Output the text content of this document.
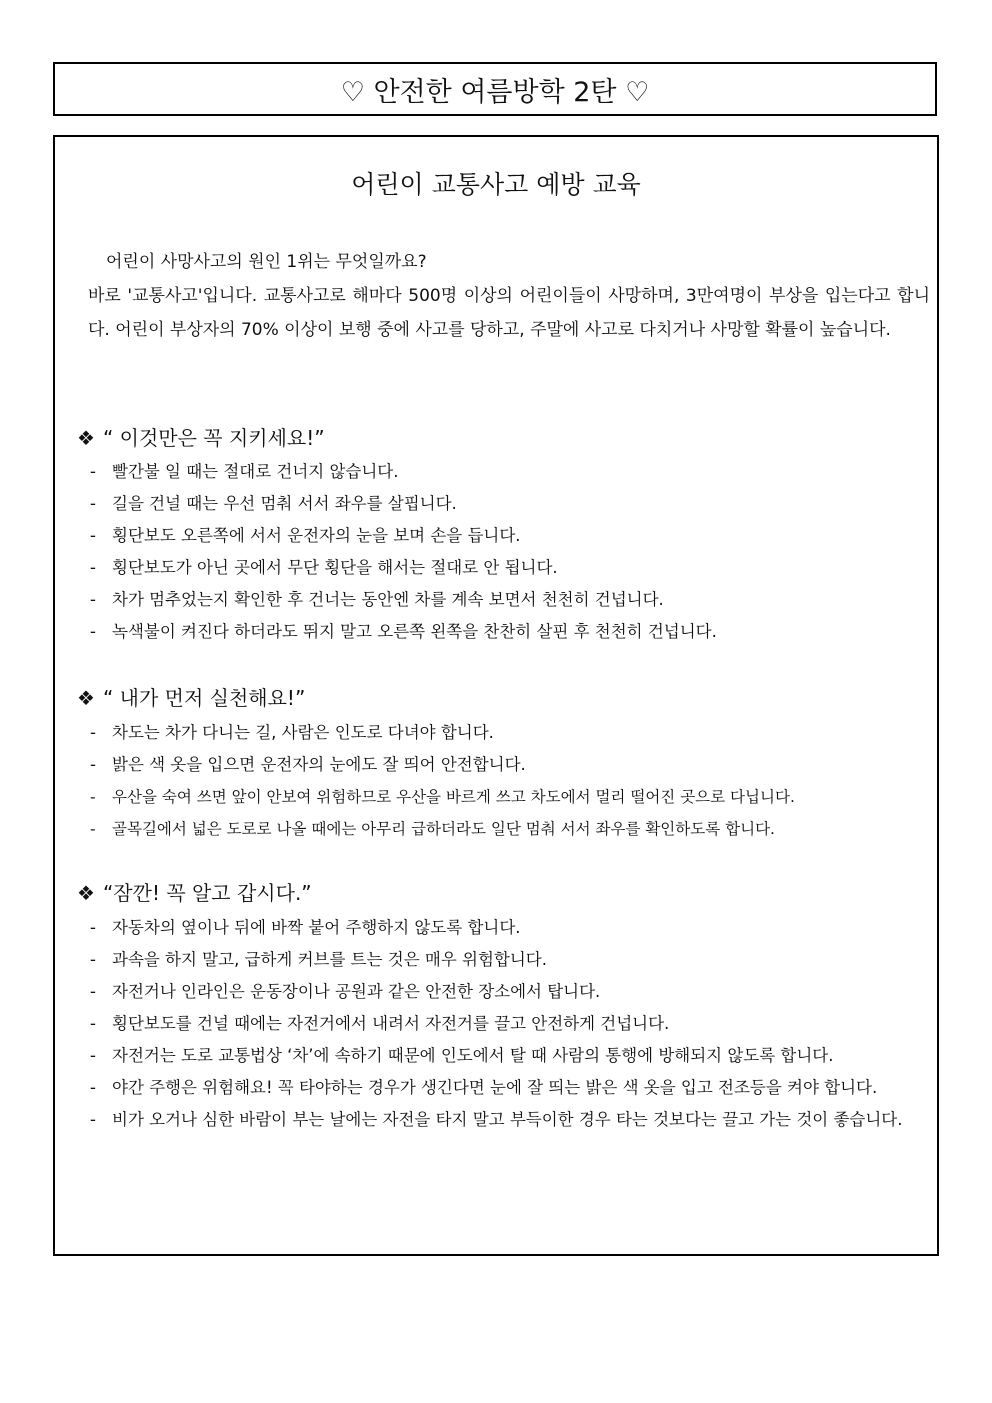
♡ 안전한 여름방학 2탄 ♡
어린이 교통사고 예방 교육

어린이 사망사고의 원인 1위는 무엇일까요?

바로 '교통사고'입니다. 교통사고로 해마다 500명 이상의 어린이들이 사망하며, 3만여명이 부상을 입는다고 합니다. 어린이 부상자의 70% 이상이 보행 중에 사고를 당하고, 주말에 사고로 다치거나 사망할 확률이 높습니다.

❖ “ 이것만은 꼭 지키세요!”
- 빨간불 일 때는 절대로 건너지 않습니다.
- 길을 건널 때는 우선 멈춰 서서 좌우를 살핍니다.
- 횡단보도 오른쪽에 서서 운전자의 눈을 보며 손을 듭니다.
- 횡단보도가 아닌 곳에서 무단 횡단을 해서는 절대로 안 됩니다.
- 차가 멈추었는지 확인한 후 건너는 동안엔 차를 계속 보면서 천천히 건넙니다.
- 녹색불이 켜진다 하더라도 뛰지 말고 오른쪽 왼쪽을 찬찬히 살핀 후 천천히 건넙니다.
❖ “ 내가 먼저 실천해요!”
- 차도는 차가 다니는 길, 사람은 인도로 다녀야 합니다.
- 밝은 색 옷을 입으면 운전자의 눈에도 잘 띄어 안전합니다.
- 우산을 숙여 쓰면 앞이 안보여 위험하므로 우산을 바르게 쓰고 차도에서 멀리 떨어진 곳으로 다닙니다.
- 골목길에서 넓은 도로로 나올 때에는 아무리 급하더라도 일단 멈춰 서서 좌우를 확인하도록 합니다.
❖ “잠깐! 꼭 알고 갑시다.”
- 자동차의 옆이나 뒤에 바짝 붙어 주행하지 않도록 합니다.
- 과속을 하지 말고, 급하게 커브를 트는 것은 매우 위험합니다.
- 자전거나 인라인은 운동장이나 공원과 같은 안전한 장소에서 탑니다.
- 횡단보도를 건널 때에는 자전거에서 내려서 자전거를 끌고 안전하게 건넙니다.
- 자전거는 도로 교통법상 ‘차’에 속하기 때문에 인도에서 탈 때 사람의 통행에 방해되지 않도록 합니다.
- 야간 주행은 위험해요! 꼭 타야하는 경우가 생긴다면 눈에 잘 띄는 밝은 색 옷을 입고 전조등을 켜야 합니다.
- 비가 오거나 심한 바람이 부는 날에는 자전을 타지 말고 부득이한 경우 타는 것보다는 끌고 가는 것이 좋습니다.
